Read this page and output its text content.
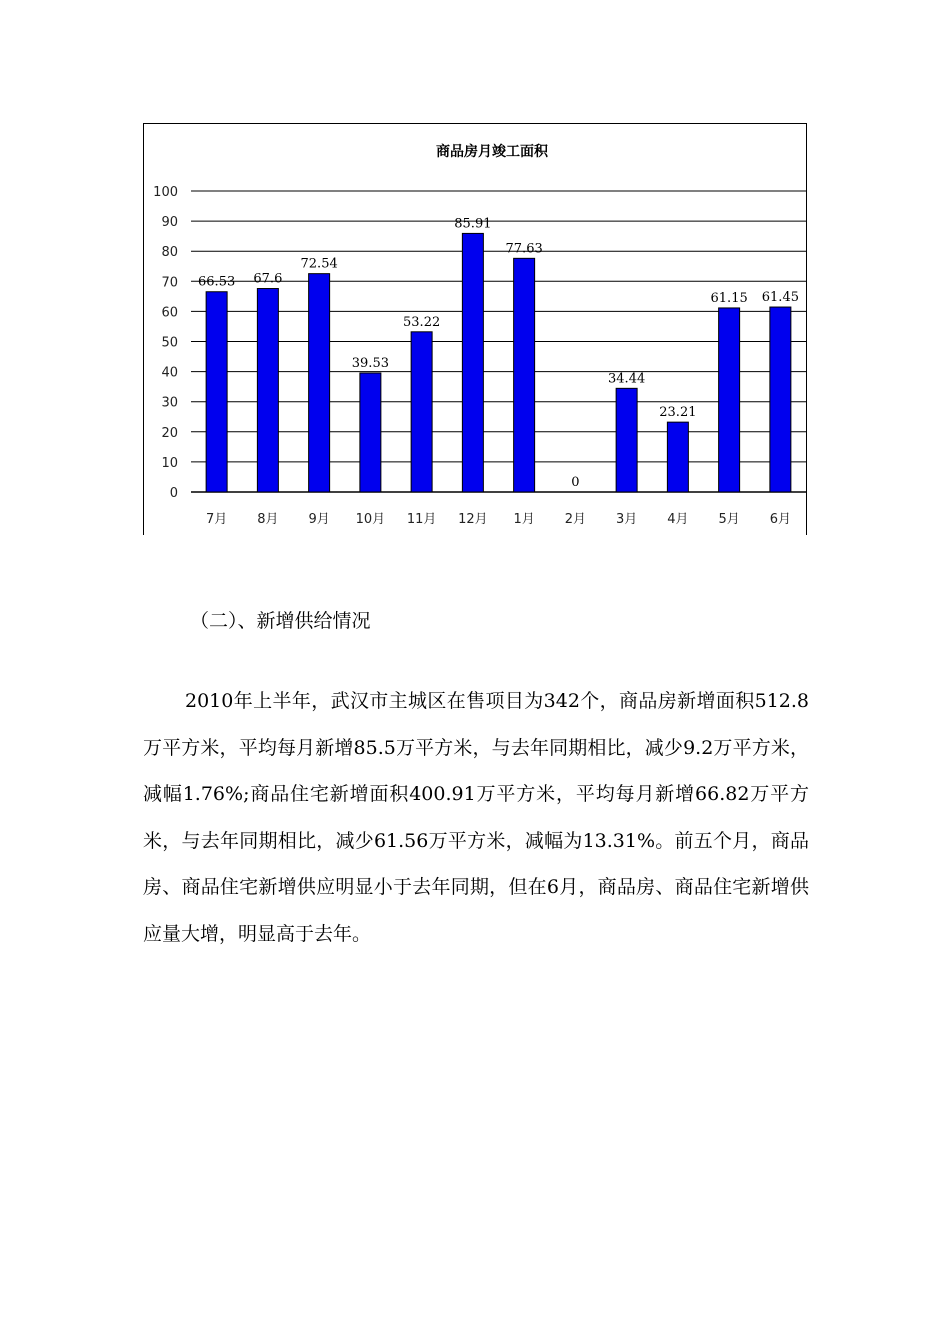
商品房月竣工面积
0
10
20
30
40
50
60
70
80
90
100
66.53 67.6
72.54
39.53
53.22
85.91
77.63
0
34.44
23.21
61.15 61.45
7月 8月 9月 10月 11月 12月 1月 2月 3月 4月 5月 6月
（二）、新增供给情况

2010年上半年，武汉市主城区在售项目为342个，商品房新增面积512.8万平方米，平均每月新增85.5万平方米，与去年同期相比，减少9.2万平方米，减幅1.76%;商品住宅新增面积400.91万平方米，平均每月新增66.82万平方米，与去年同期相比，减少61.56万平方米，减幅为13.31%。前五个月，商品房、商品住宅新增供应明显小于去年同期，但在6月，商品房、商品住宅新增供应量大增，明显高于去年。
